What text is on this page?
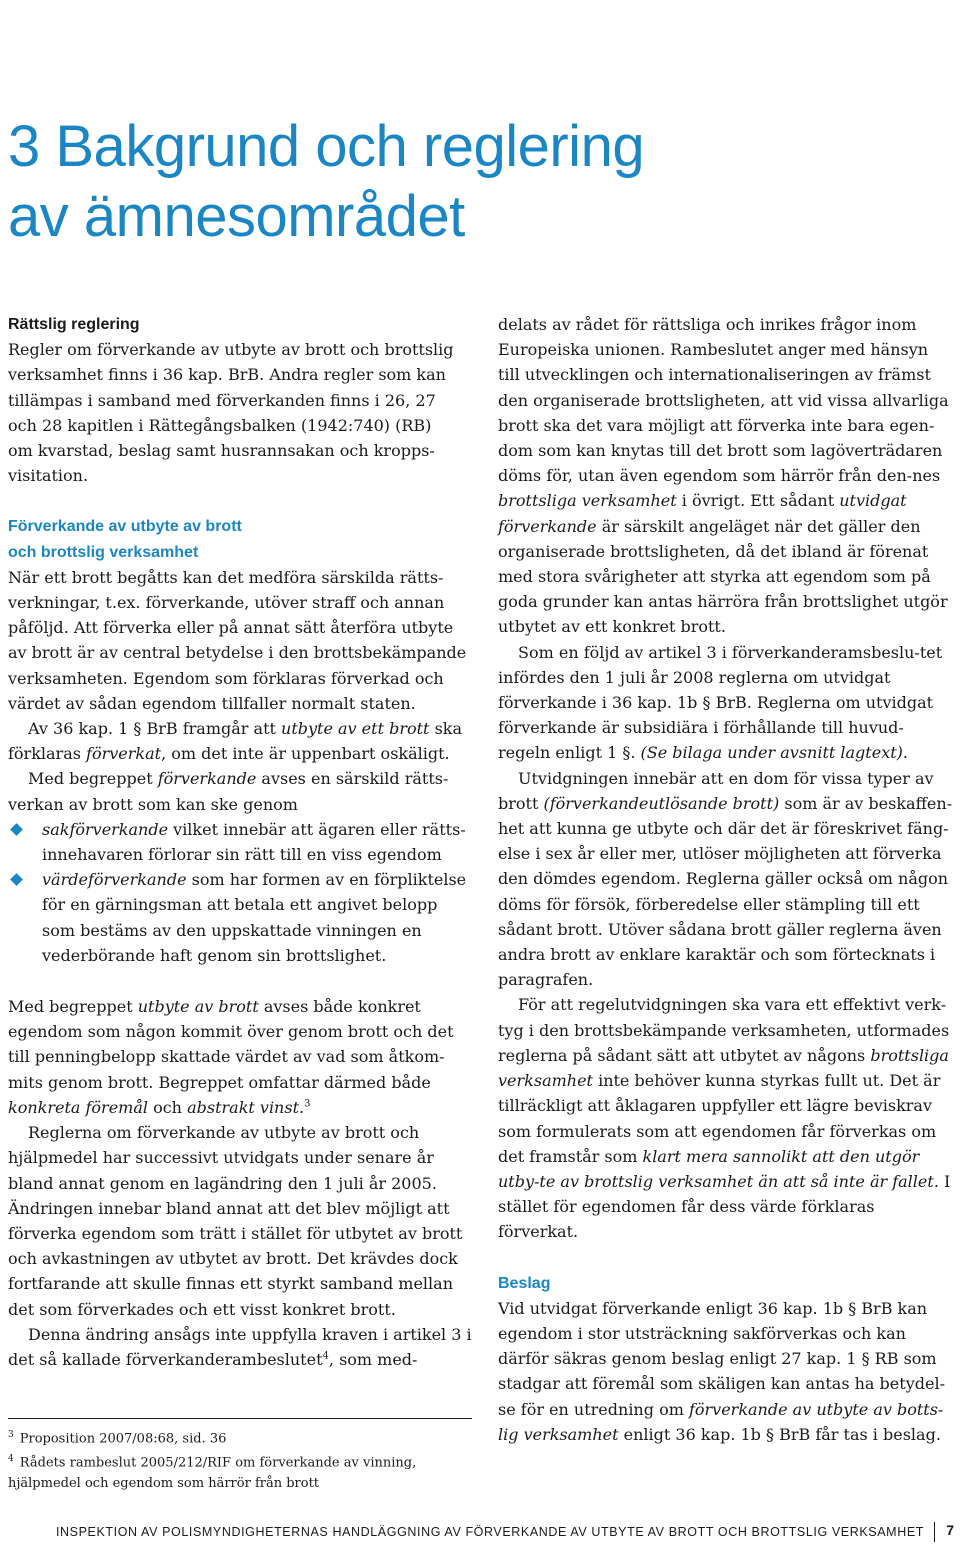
3 Bakgrund och reglering
av ämnesområdet
Rättslig reglering

Regler om förverkande av utbyte av brott och brottslig
verksamhet finns i 36 kap. BrB. Andra regler som kan
tillämpas i samband med förverkanden finns i 26, 27
och 28 kapitlen i Rättegångsbalken (1942:740) (RB)
om kvarstad, beslag samt husrannsakan och kropps-
visitation.

Förverkande av utbyte av brott
och brottslig verksamhet

När ett brott begåtts kan det medföra särskilda rätts-
verkningar, t.ex. förverkande, utöver straff och annan
påföljd. Att förverka eller på annat sätt återföra utbyte
av brott är av central betydelse i den brottsbekämpande
verksamheten. Egendom som förklaras förverkad och
värdet av sådan egendom tillfaller normalt staten.

Av 36 kap. 1 § BrB framgår att utbyte av ett brott ska förklaras förverkat, om det inte är uppenbart oskäligt.

Med begreppet förverkande avses en särskild rätts-verkan av brott som kan ske genom

sakförverkande vilket innebär att ägaren eller rätts-innehavaren förlorar sin rätt till en viss egendom
värdeförverkande som har formen av en förpliktelse för en gärningsman att betala ett angivet belopp som bestäms av den uppskattade vinningen en vederbörande haft genom sin brottslighet.

Med begreppet utbyte av brott avses både konkret egendom som någon kommit över genom brott och det till penningbelopp skattade värdet av vad som åtkom-mits genom brott. Begreppet omfattar därmed både konkreta föremål och abstrakt vinst.$^3$

Reglerna om förverkande av utbyte av brott och hjälpmedel har successivt utvidgats under senare år bland annat genom en lagändring den 1 juli år 2005. Ändringen innebar bland annat att det blev möjligt att förverka egendom som trätt i stället för utbytet av brott och avkastningen av utbytet av brott. Det krävdes dock fortfarande att skulle finnas ett styrkt samband mellan det som förverkades och ett visst konkret brott.

Denna ändring ansågs inte uppfylla kraven i artikel 3 i det så kallade förverkanderambeslutet$^4$, som med-

$^3$ Proposition 2007/08:68, sid. 36

$^4$ Rådets rambeslut 2005/212/RIF om förverkande av vinning, hjälpmedel och egendom som härrör från brott

delats av rådet för rättsliga och inrikes frågor inom Europeiska unionen. Rambeslutet anger med hänsyn till utvecklingen och internationaliseringen av främst den organiserade brottsligheten, att vid vissa allvarliga brott ska det vara möjligt att förverka inte bara egen-dom som kan knytas till det brott som lagöverträdaren döms för, utan även egendom som härrör från den-nes brottsliga verksamhet i övrigt. Ett sådant utvidgat förverkande är särskilt angeläget när det gäller den organiserade brottsligheten, då det ibland är förenat med stora svårigheter att styrka att egendom som på goda grunder kan antas härröra från brottslighet utgör utbytet av ett konkret brott.

Som en följd av artikel 3 i förverkanderamsbeslu-tet infördes den 1 juli år 2008 reglerna om utvidgat förverkande i 36 kap. 1b § BrB. Reglerna om utvidgat förverkande är subsidiära i förhållande till huvud-regeln enligt 1 §. (Se bilaga under avsnitt lagtext).

Utvidgningen innebär att en dom för vissa typer av brott (förverkandeutlösande brott) som är av beskaffen-het att kunna ge utbyte och där det är föreskrivet fäng-else i sex år eller mer, utlöser möjligheten att förverka den dömdes egendom. Reglerna gäller också om någon döms för försök, förberedelse eller stämpling till ett sådant brott. Utöver sådana brott gäller reglerna även andra brott av enklare karaktär och som förtecknats i paragrafen.

För att regelutvidgningen ska vara ett effektivt verk-tyg i den brottsbekämpande verksamheten, utformades reglerna på sådant sätt att utbytet av någons brottsliga verksamhet inte behöver kunna styrkas fullt ut. Det är tillräckligt att åklagaren uppfyller ett lägre beviskrav som formulerats som att egendomen får förverkas om det framstår som klart mera sannolikt att den utgör utby-te av brottslig verksamhet än att så inte är fallet. I stället för egendomen får dess värde förklaras förverkat.

Beslag

Vid utvidgat förverkande enligt 36 kap. 1b § BrB kan egendom i stor utsträckning sakförverkas och kan därför säkras genom beslag enligt 27 kap. 1 § RB som stadgar att föremål som skäligen kan antas ha betydel-se för en utredning om förverkande av utbyte av botts-lig verksamhet enligt 36 kap. 1b § BrB får tas i beslag.

INSPEKTION AV POLISMYNDIGHETERNAS HANDLÄGGNING AV FÖRVERKANDE AV UTBYTE AV BROTT OCH BROTTSLIG VERKSAMHET 7
